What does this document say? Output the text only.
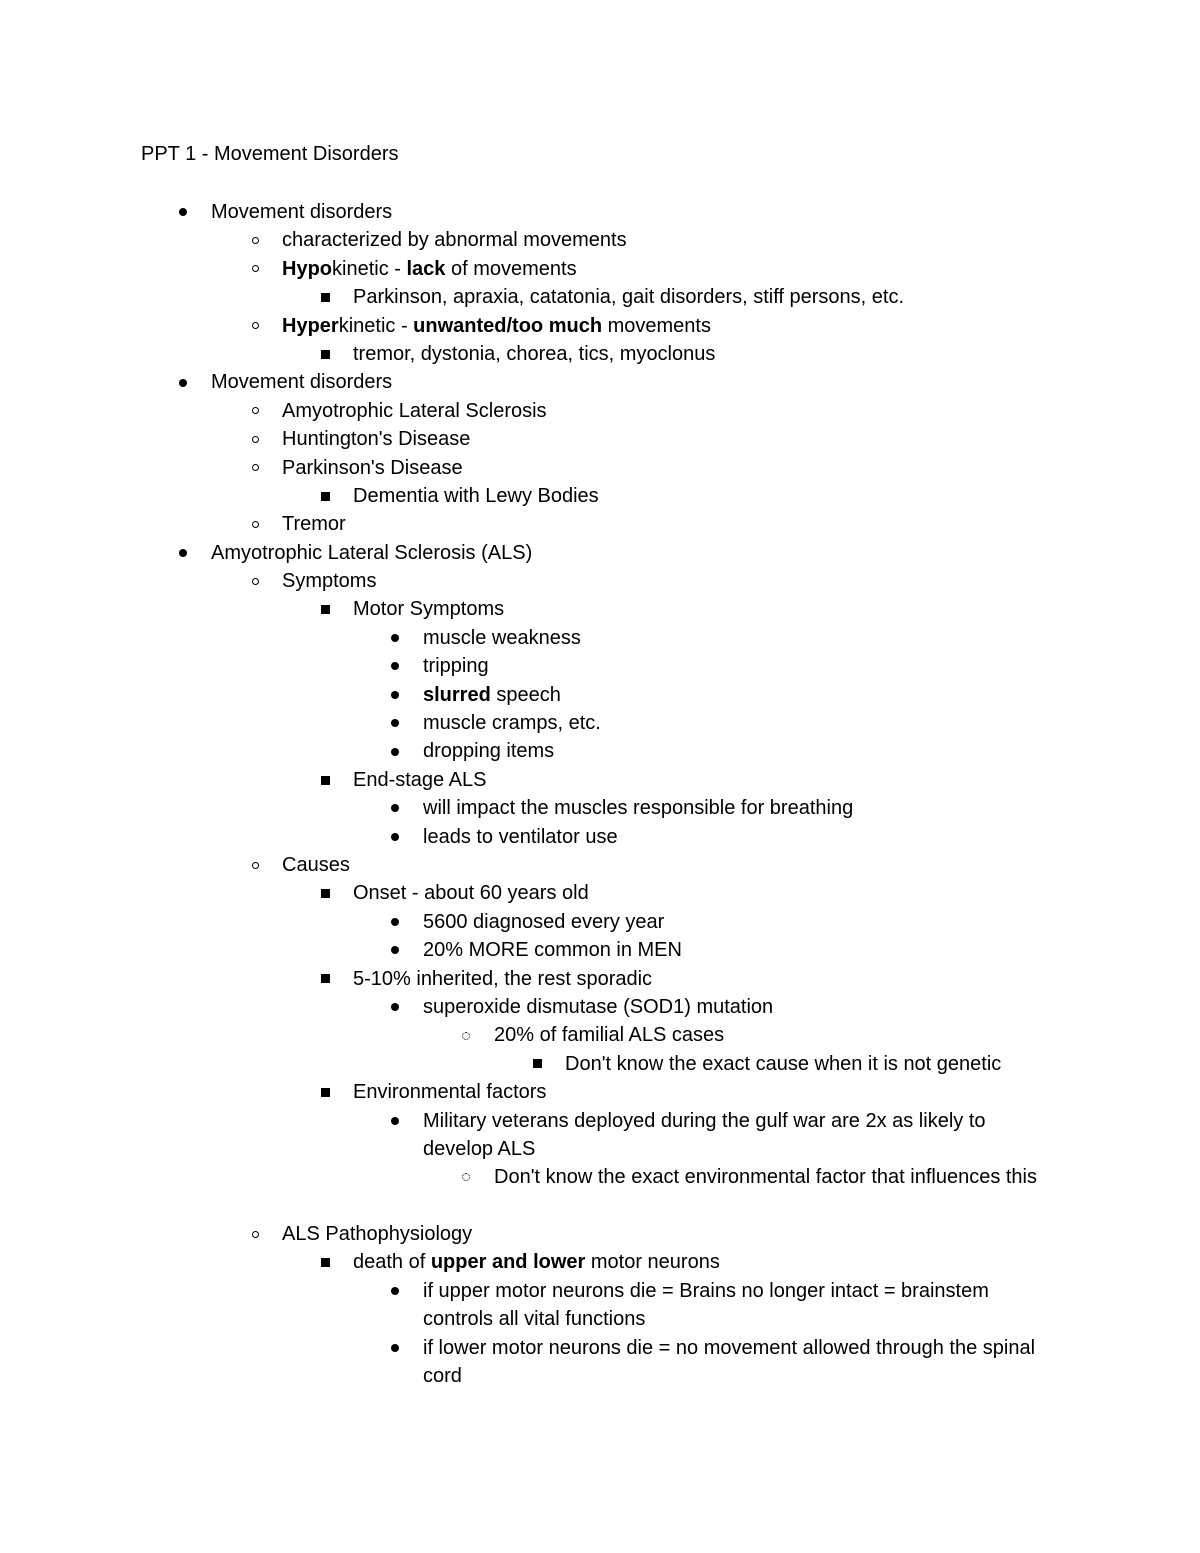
PPT 1 - Movement Disorders
Movement disorders
characterized by abnormal movements
Hypokinetic - lack of movements
Parkinson, apraxia, catatonia, gait disorders, stiff persons, etc.
Hyperkinetic - unwanted/too much movements
tremor, dystonia, chorea, tics, myoclonus
Movement disorders
Amyotrophic Lateral Sclerosis
Huntington's Disease
Parkinson's Disease
Dementia with Lewy Bodies
Tremor
Amyotrophic Lateral Sclerosis (ALS)
Symptoms
Motor Symptoms
muscle weakness
tripping
slurred speech
muscle cramps, etc.
dropping items
End-stage ALS
will impact the muscles responsible for breathing
leads to ventilator use
Causes
Onset - about 60 years old
5600 diagnosed every year
20% MORE common in MEN
5-10% inherited, the rest sporadic
superoxide dismutase (SOD1) mutation
20% of familial ALS cases
Don't know the exact cause when it is not genetic
Environmental factors
Military veterans deployed during the gulf war are 2x as likely to develop ALS
Don't know the exact environmental factor that influences this
ALS Pathophysiology
death of upper and lower motor neurons
if upper motor neurons die = Brains no longer intact = brainstem controls all vital functions
if lower motor neurons die = no movement allowed through the spinal cord
